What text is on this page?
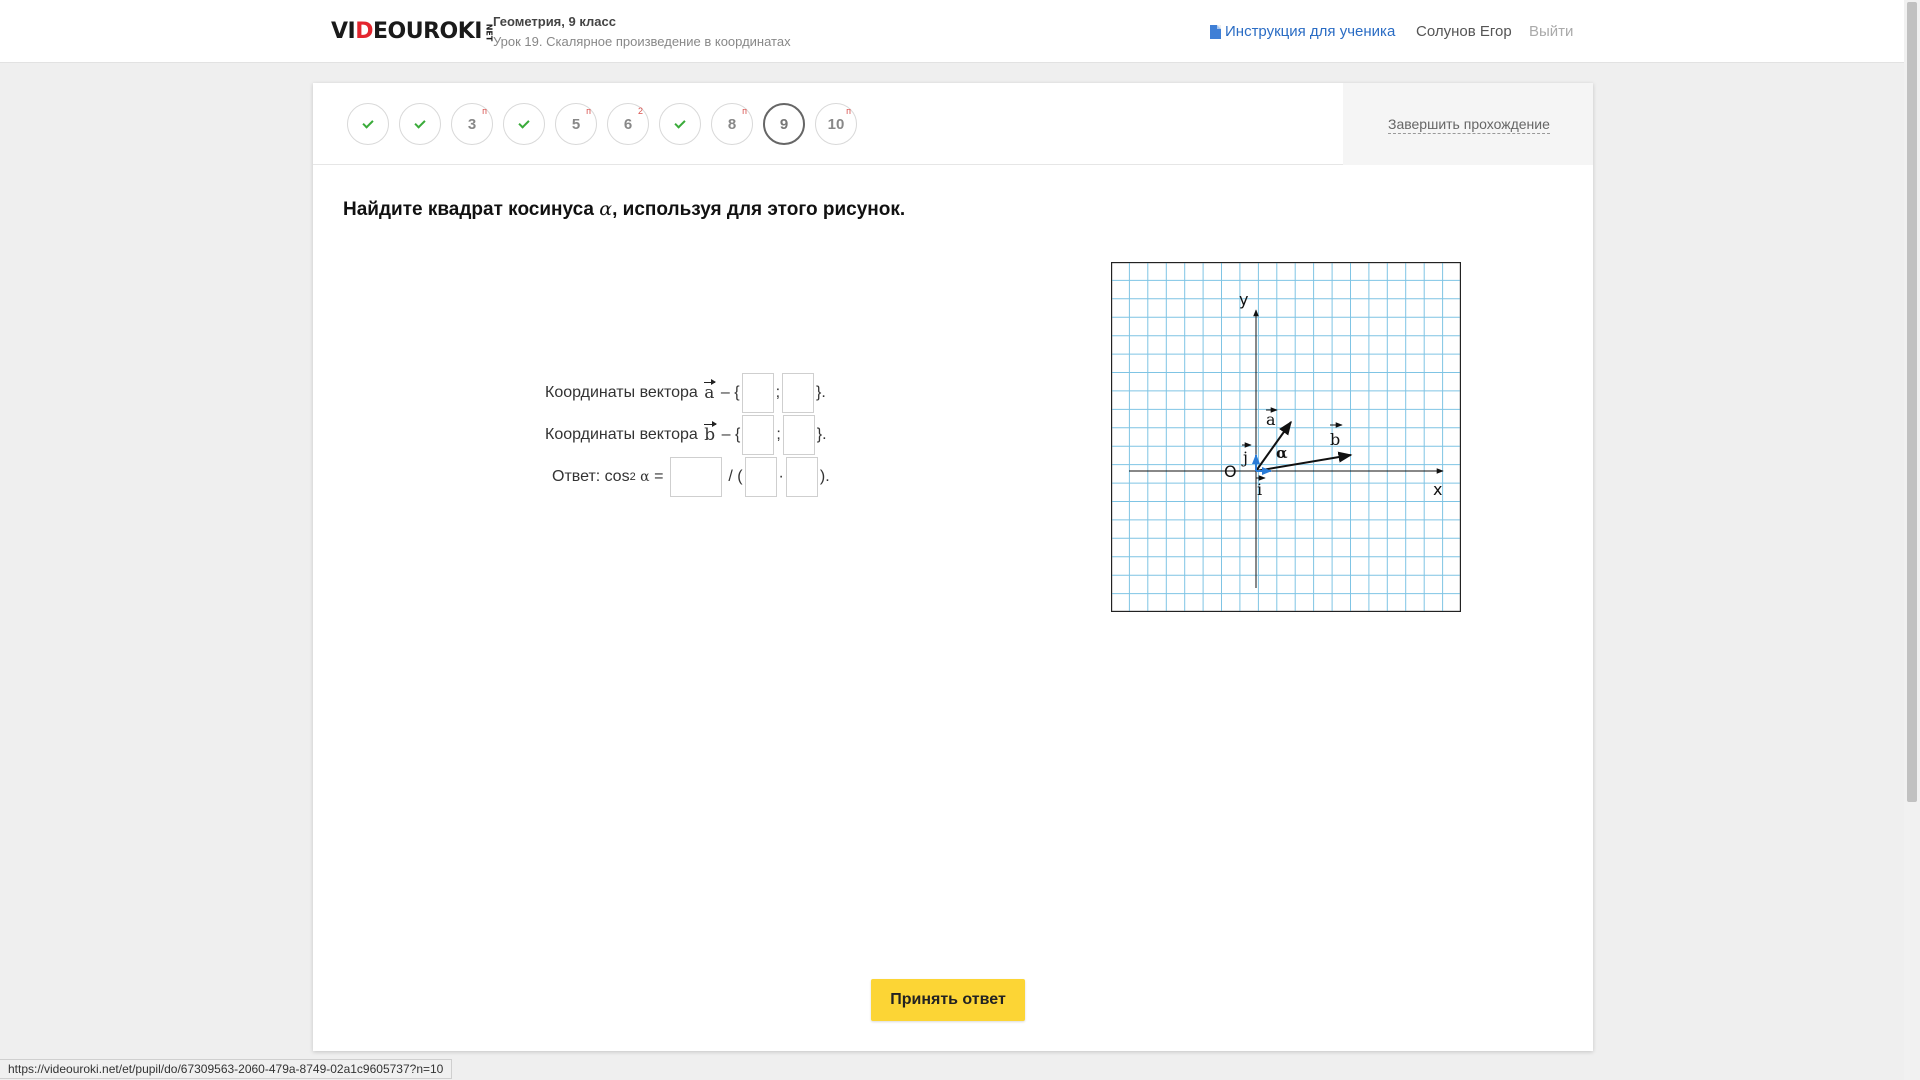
VIDEOUROKI NET
Геометрия, 9 класс
Урок 19. Скалярное произведение в координатах
Инструкция для ученика Солунов Егор Выйти
3
п
5
п
6
2
8
п
9	10
п
Завершить прохождение
Найдите квадрат косинуса α, используя для этого рисунок.
Координаты вектора
a
– { ; }.
Координаты вектора
b
– { ; }.
Ответ: cos 2
α
=

	/ ( · ).
y
x
O
a
b
j
i
α
Принять ответ
https://videouroki.net/et/pupil/do/67309563-2060-479a-8749-02a1c9605737?n=10
